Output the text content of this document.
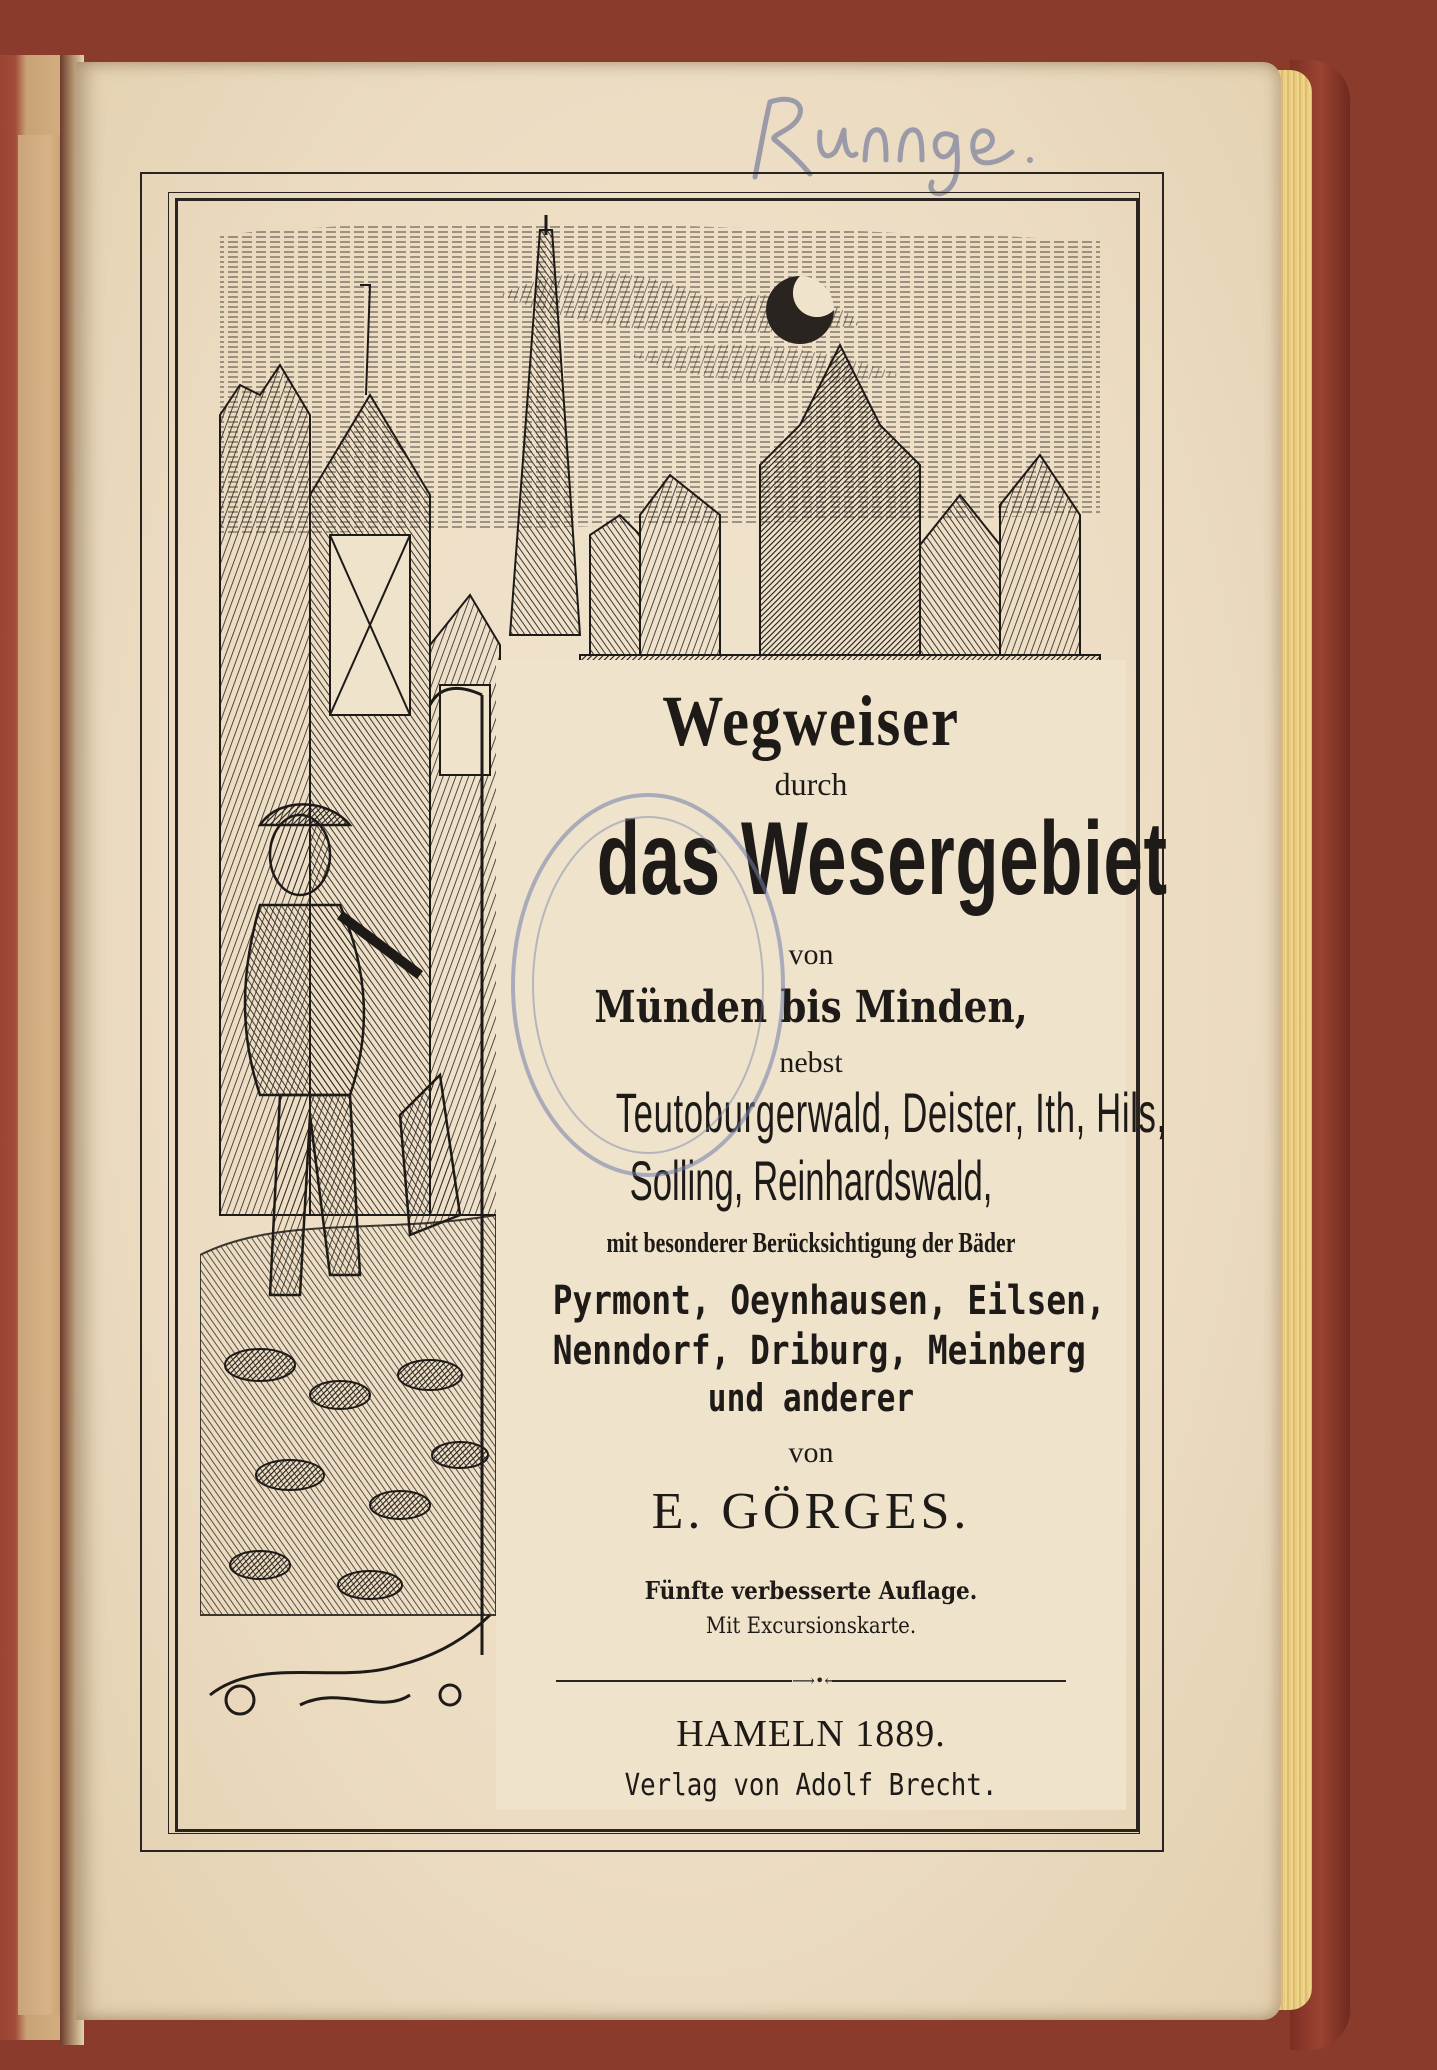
Wegweiser
durch
das Wesergebiet
von
Münden bis Minden,
nebst
Teutoburgerwald, Deister, Ith, Hils,
Solling, Reinhardswald,
mit besonderer Berücksichtigung der Bäder
Pyrmont, Oeynhausen, Eilsen,
Nenndorf, Driburg, Meinberg
und anderer
von
E. GÖRGES.
Fünfte verbesserte Auflage.
Mit Excursionskarte.
⟶•⟵
HAMELN 1889.
Verlag von Adolf Brecht.
